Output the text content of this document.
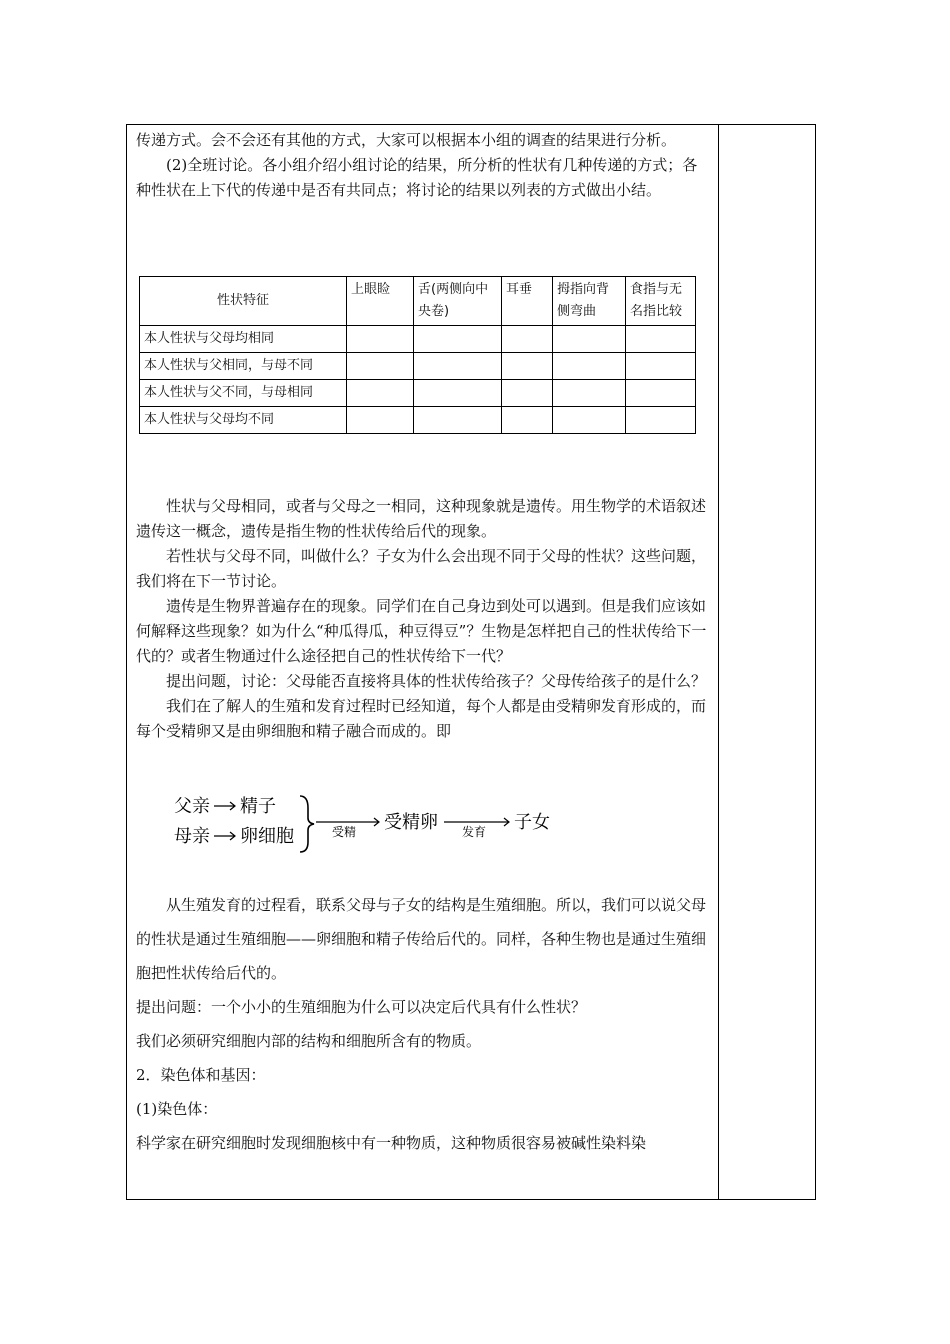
传递方式。会不会还有其他的方式，大家可以根据本小组的调查的结果进行分析。

(2)全班讨论。各小组介绍小组讨论的结果，所分析的性状有几种传递的方式；各种性状在上下代的传递中是否有共同点；将讨论的结果以列表的方式做出小结。

性状特征	上眼睑	舌(两侧向中央卷)	耳垂	拇指向背侧弯曲	食指与无名指比较
本人性状与父母均相同					
本人性状与父相同，与母不同					
本人性状与父不同，与母相同					
本人性状与父母均不同					

性状与父母相同，或者与父母之一相同，这种现象就是遗传。用生物学的术语叙述遗传这一概念，遗传是指生物的性状传给后代的现象。

若性状与父母不同，叫做什么？子女为什么会出现不同于父母的性状？这些问题，我们将在下一节讨论。

遗传是生物界普遍存在的现象。同学们在自己身边到处可以遇到。但是我们应该如何解释这些现象？如为什么“种瓜得瓜，种豆得豆”？生物是怎样把自己的性状传给下一代的？或者生物通过什么途径把自己的性状传给下一代？

提出问题，讨论：父母能否直接将具体的性状传给孩子？父母传给孩子的是什么？

我们在了解人的生殖和发育过程时已经知道，每个人都是由受精卵发育形成的，而每个受精卵又是由卵细胞和精子融合而成的。即

父亲 精子
母亲 卵细胞	受精 受精卵 发育 子女

从生殖发育的过程看，联系父母与子女的结构是生殖细胞。所以，我们可以说父母的性状是通过生殖细胞——卵细胞和精子传给后代的。同样，各种生物也是通过生殖细胞把性状传给后代的。

提出问题：一个小小的生殖细胞为什么可以决定后代具有什么性状？

我们必须研究细胞内部的结构和细胞所含有的物质。

2．染色体和基因：

(1)染色体：

科学家在研究细胞时发现细胞核中有一种物质，这种物质很容易被碱性染料染
